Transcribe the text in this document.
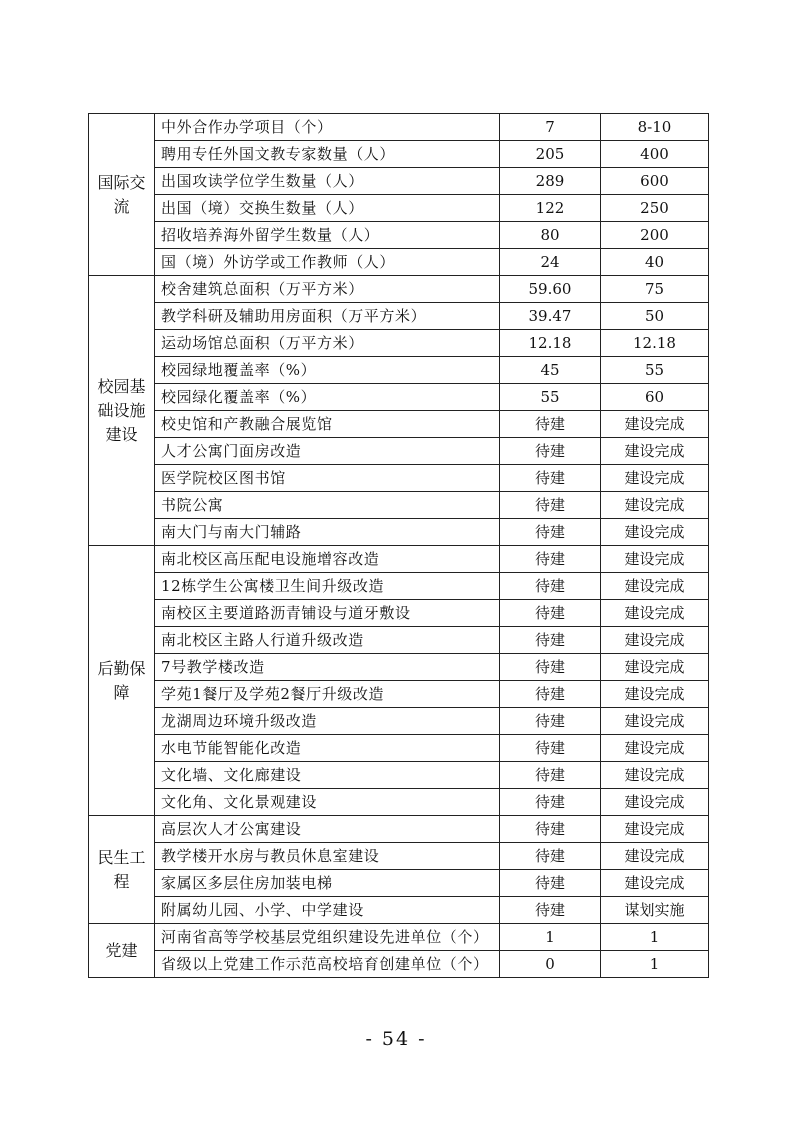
国际交流	中外合作办学项目（个）	7	8-10
	聘用专任外国文教专家数量（人）	205	400
	出国攻读学位学生数量（人）	289	600
	出国（境）交换生数量（人）	122	250
	招收培养海外留学生数量（人）	80	200
	国（境）外访学或工作教师（人）	24	40
校园基础设施建设	校舍建筑总面积（万平方米）	59.60	75
	教学科研及辅助用房面积（万平方米）	39.47	50
	运动场馆总面积（万平方米）	12.18	12.18
	校园绿地覆盖率（%）	45	55
	校园绿化覆盖率（%）	55	60
	校史馆和产教融合展览馆	待建	建设完成
	人才公寓门面房改造	待建	建设完成
	医学院校区图书馆	待建	建设完成
	书院公寓	待建	建设完成
	南大门与南大门辅路	待建	建设完成
后勤保障	南北校区高压配电设施增容改造	待建	建设完成
	12栋学生公寓楼卫生间升级改造	待建	建设完成
	南校区主要道路沥青铺设与道牙敷设	待建	建设完成
	南北校区主路人行道升级改造	待建	建设完成
	7号教学楼改造	待建	建设完成
	学苑1餐厅及学苑2餐厅升级改造	待建	建设完成
	龙湖周边环境升级改造	待建	建设完成
	水电节能智能化改造	待建	建设完成
	文化墙、文化廊建设	待建	建设完成
	文化角、文化景观建设	待建	建设完成
民生工程	高层次人才公寓建设	待建	建设完成
	教学楼开水房与教员休息室建设	待建	建设完成
	家属区多层住房加装电梯	待建	建设完成
	附属幼儿园、小学、中学建设	待建	谋划实施
党建	河南省高等学校基层党组织建设先进单位（个）	1	1
	省级以上党建工作示范高校培育创建单位（个）	0	1
- 54 -
